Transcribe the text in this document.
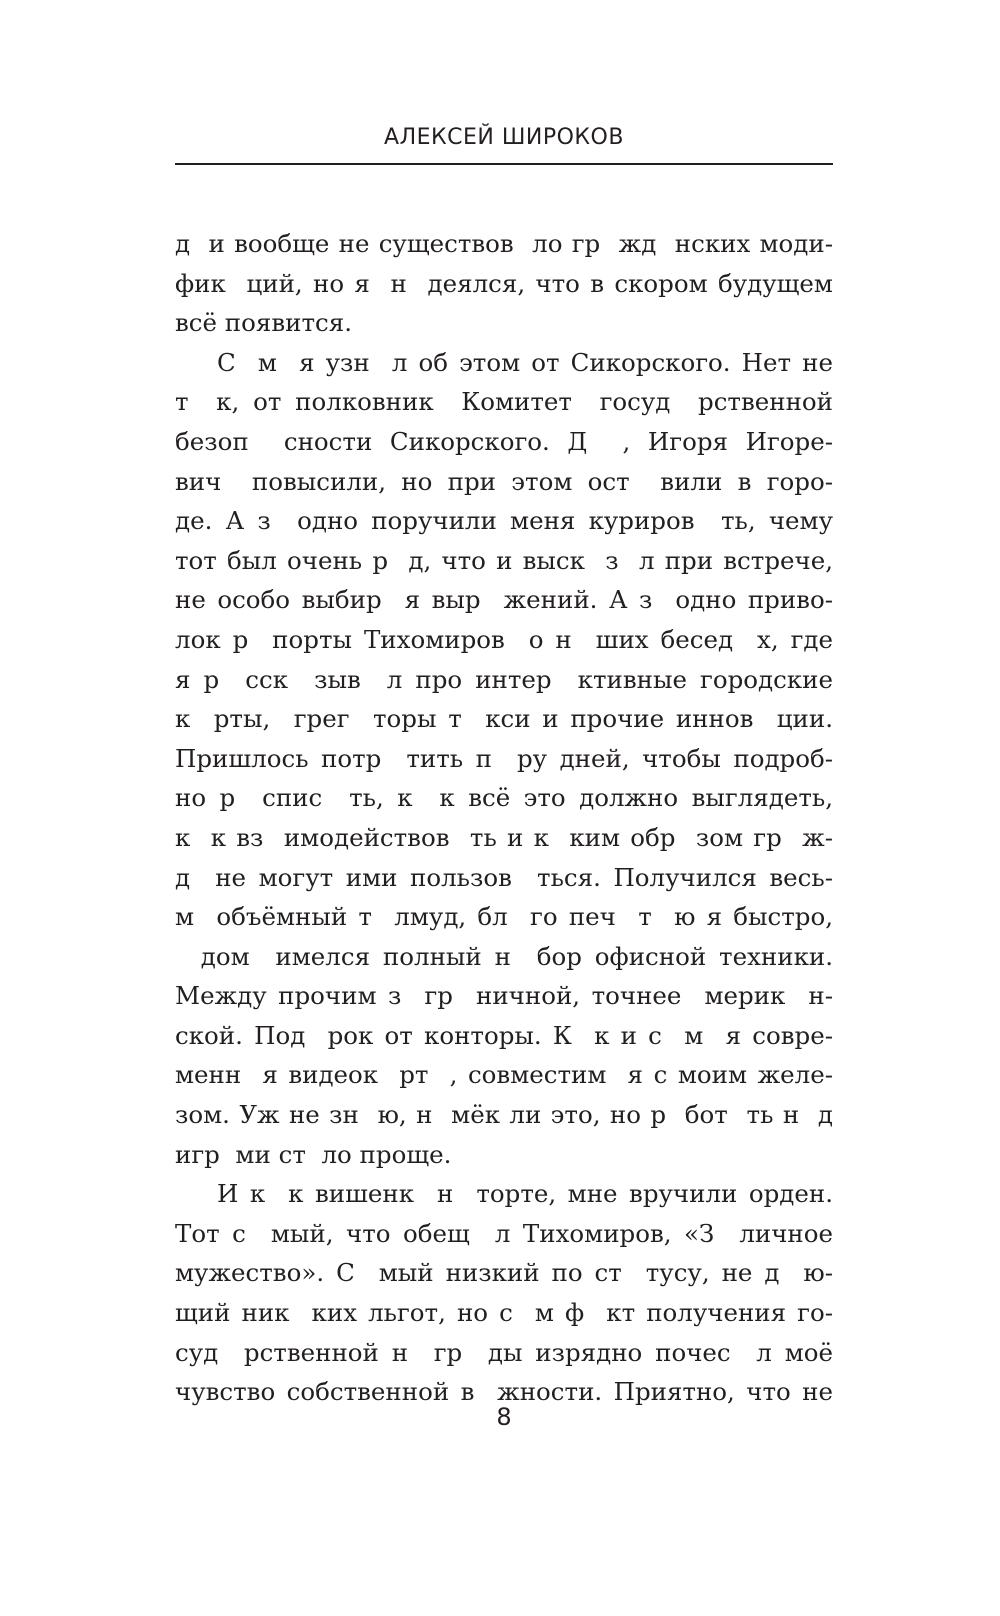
АЛЕКСЕЙ ШИРОКОВ
д  и вообще не существов  ло гр  жд  нских моди-
фик  ций, но я  н  деялся, что в скором будущем
всё появится.
С  м  я узн  л об этом от Сикорского. Нет не
т  к, от полковник  Комитет  госуд  рственной
безоп  сности Сикорского. Д  , Игоря Игоре-
вич  повысили, но при этом ост  вили в горо-
де. А з  одно поручили меня куриров  ть, чему
тот был очень р  д, что и выск  з  л при встрече,
не особо выбир  я выр  жений. А з  одно приво-
лок р  порты Тихомиров  о н  ших бесед  х, где
я р  сск  зыв  л про интер  ктивные городские
к  рты,  грег  торы т  кси и прочие иннов  ции.
Пришлось потр  тить п  ру дней, чтобы подроб-
но р  спис  ть, к  к всё это должно выглядеть,
к  к вз  имодействов  ть и к  ким обр  зом гр  ж-
д  не могут ими пользов  ться. Получился весь-
м  объёмный т  лмуд, бл  го печ  т  ю я быстро,
дом  имелся полный н  бор офисной техники.
Между прочим з  гр  ничной, точнее  мерик  н-
ской. Под  рок от конторы. К  к и с  м  я совре-
менн  я видеок  рт  , совместим  я с моим желе-
зом. Уж не зн  ю, н  мёк ли это, но р  бот  ть н  д
игр  ми ст  ло проще.
И к  к вишенк  н  торте, мне вручили орден.
Тот с  мый, что обещ  л Тихомиров, «З  личное
мужество». С  мый низкий по ст  тусу, не д  ю-
щий ник  ких льгот, но с  м ф  кт получения го-
суд  рственной н  гр  ды изрядно почес  л моё
чувство собственной в  жности. Приятно, что не
8
